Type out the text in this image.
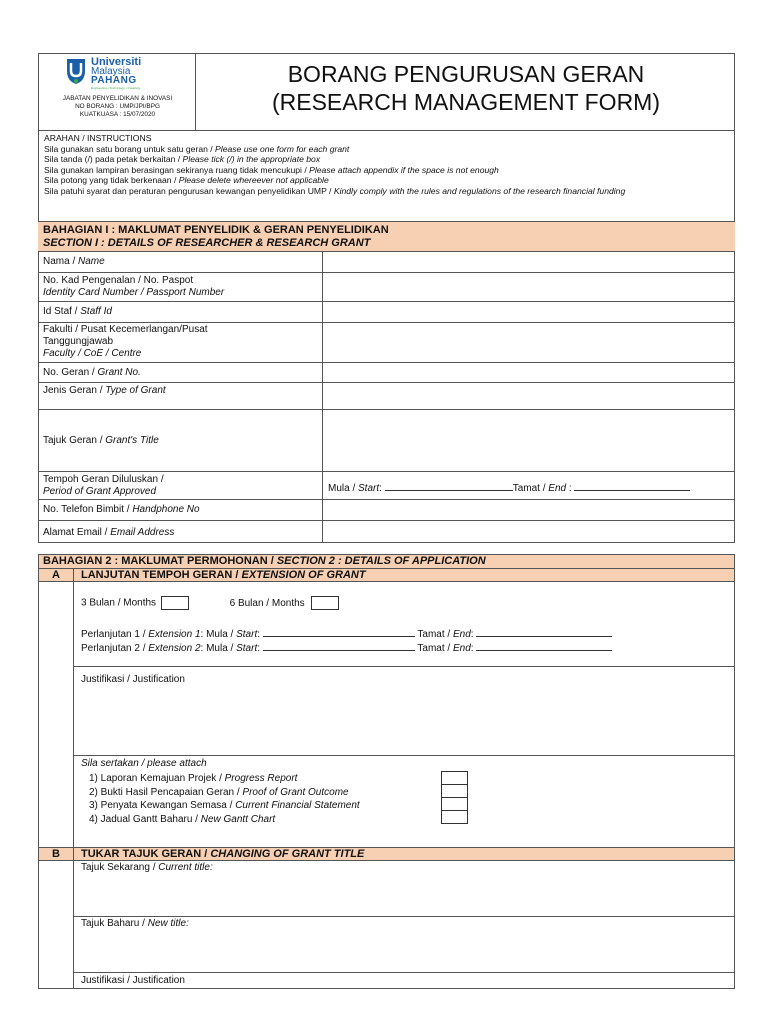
Universiti
Malaysia
PAHANG
Engineering • Technology • Creativity
JABATAN PENYELIDIKAN & INOVASI
NO BORANG : UMP/JPI/BPG
KUATKUASA : 15/07/2020
BORANG PENGURUSAN GERAN
(RESEARCH MANAGEMENT FORM)
ARAHAN / INSTRUCTIONS
Sila gunakan satu borang untuk satu geran / Please use one form for each grant
Sila tanda (/) pada petak berkaitan / Please tick (/) in the appropriate box
Sila gunakan lampiran berasingan sekiranya ruang tidak mencukupi / Please attach appendix if the space is not enough
Sila potong yang tidak berkenaan / Please delete whereever not applicable
Sila patuhi syarat dan peraturan pengurusan kewangan penyelidikan UMP / Kindly comply with the rules and regulations of the research financial funding
BAHAGIAN I : MAKLUMAT PENYELIDIK & GERAN PENYELIDIKAN
SECTION I : DETAILS OF RESEARCHER & RESEARCH GRANT
Nama / Name
No. Kad Pengenalan / No. Paspot
Identity Card Number / Passport Number
Id Staf / Staff Id
Fakulti / Pusat Kecemerlangan/Pusat
Tanggungjawab
Faculty / CoE / Centre
No. Geran / Grant No.
Jenis Geran / Type of Grant
Tajuk Geran / Grant's Title
Tempoh Geran Diluluskan /
Period of Grant Approved	Mula / Start:	Tamat / End :
No. Telefon Bimbit / Handphone No
Alamat Email / Email Address
BAHAGIAN 2 : MAKLUMAT PERMOHONAN / SECTION 2 : DETAILS OF APPLICATION
A	LANJUTAN TEMPOH GERAN / EXTENSION OF GRANT
3 Bulan / Months	6 Bulan / Months
Perlanjutan 1 / Extension 1: Mula / Start:	Tamat / End:
Perlanjutan 2 / Extension 2: Mula / Start:	Tamat / End:
Justifikasi / Justification
Sila sertakan / please attach
1) Laporan Kemajuan Projek / Progress Report
2) Bukti Hasil Pencapaian Geran / Proof of Grant Outcome
3) Penyata Kewangan Semasa / Current Financial Statement
4) Jadual Gantt Baharu / New Gantt Chart
B	TUKAR TAJUK GERAN / CHANGING OF GRANT TITLE
Tajuk Sekarang / Current title:
Tajuk Baharu / New title:
Justifikasi / Justification
